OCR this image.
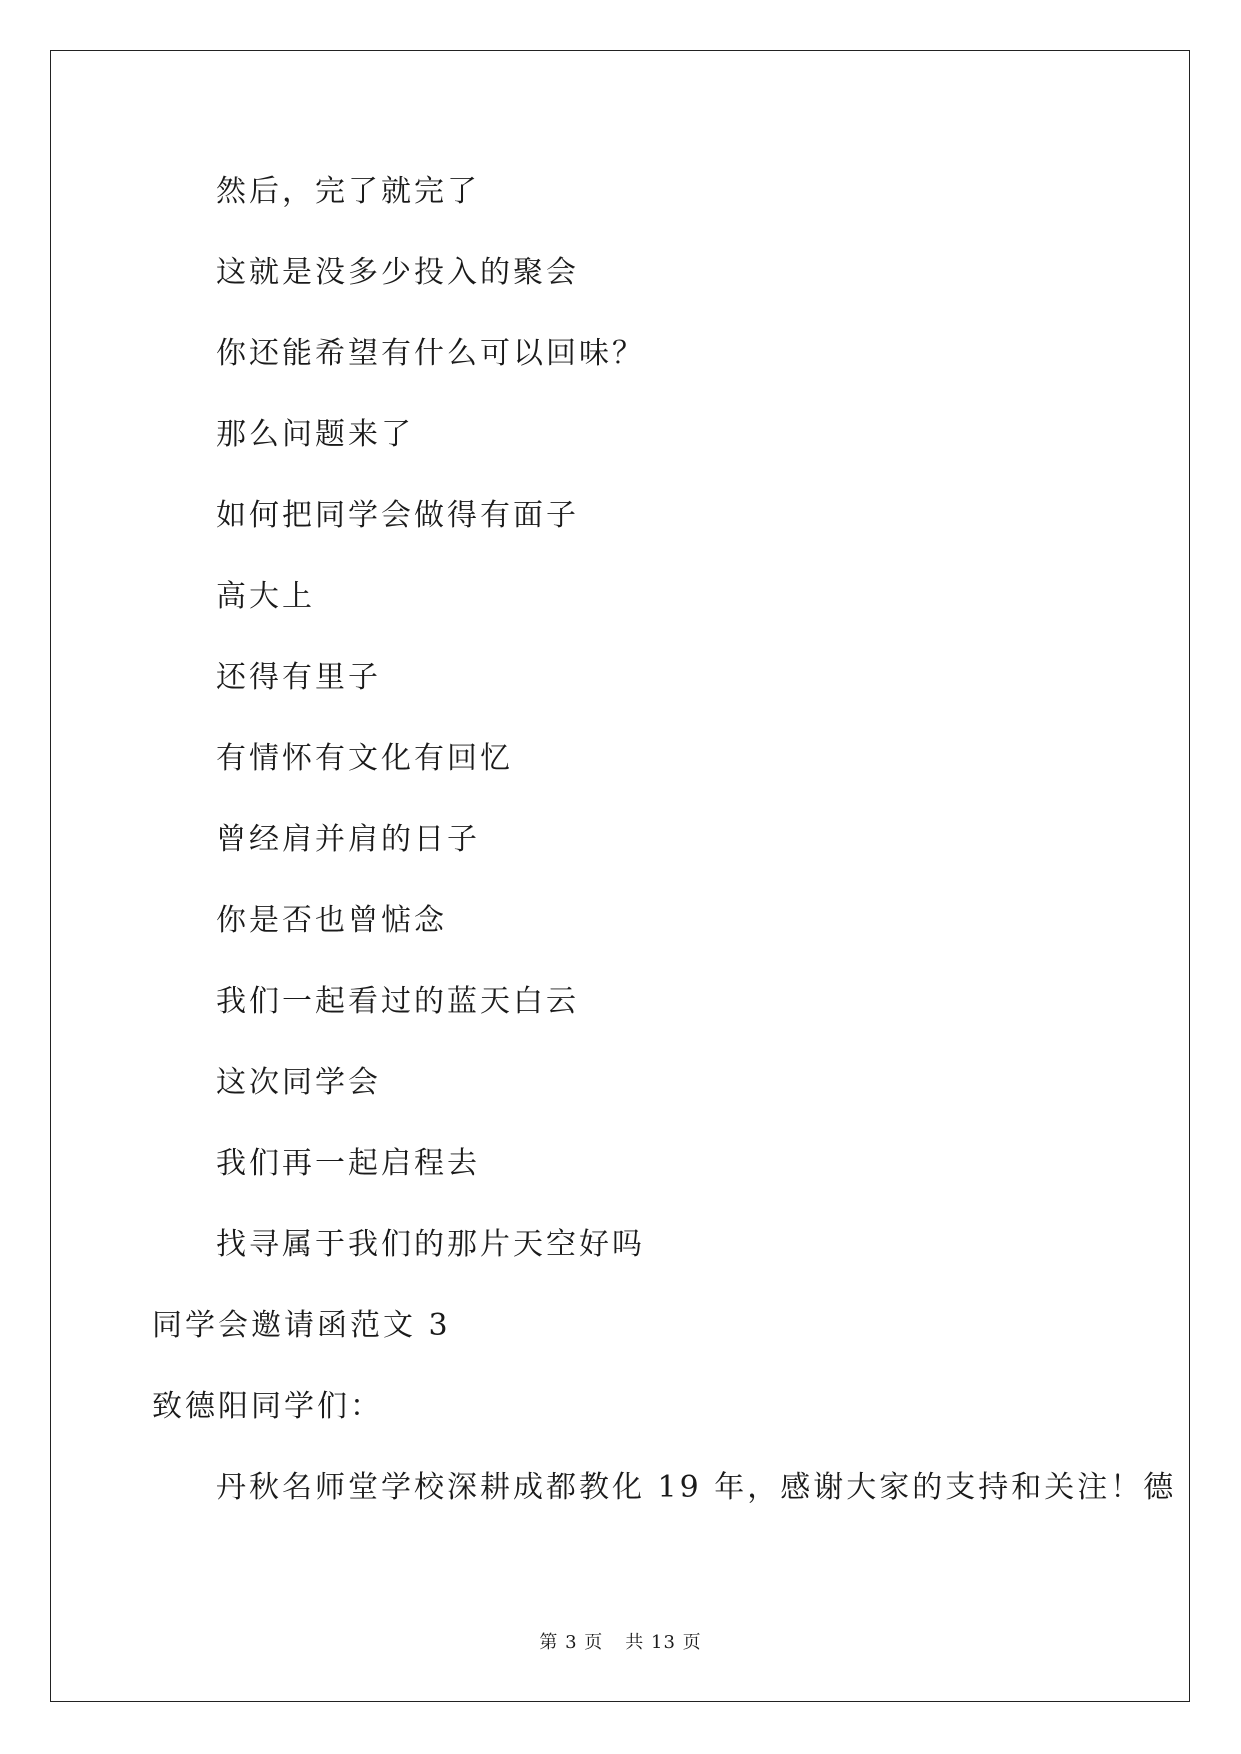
然后，完了就完了
这就是没多少投入的聚会
你还能希望有什么可以回味？
那么问题来了
如何把同学会做得有面子
高大上
还得有里子
有情怀有文化有回忆
曾经肩并肩的日子
你是否也曾惦念
我们一起看过的蓝天白云
这次同学会
我们再一起启程去
找寻属于我们的那片天空好吗
同学会邀请函范文 3
致德阳同学们：
丹秋名师堂学校深耕成都教化 19 年，感谢大家的支持和关注！德
第 3 页 共 13 页
